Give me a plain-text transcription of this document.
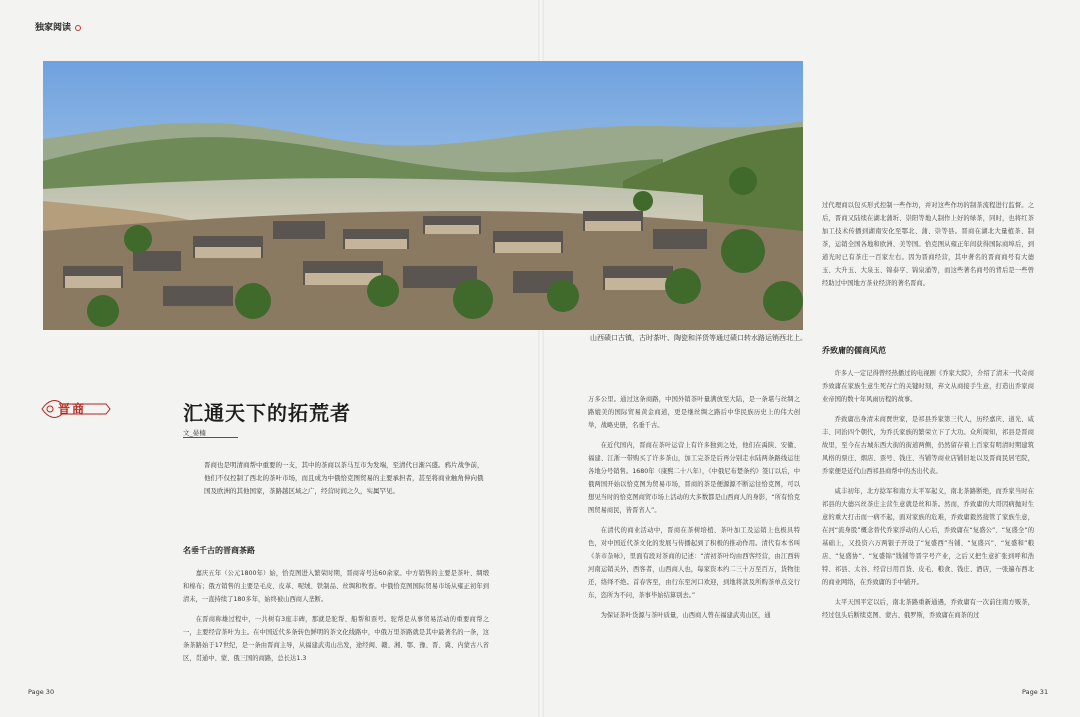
独家阅读
山西碛口古镇，古时茶叶、陶瓷和洋货等通过碛口转水路运销西北上。
晋商	汇通天下的拓荒者
文_晏楠
晋商也是明清商帮中重要的一支，其中的茶商以茶马互市为发端，至清代日渐兴盛。鸦片战争前，他们不仅控制了西北的茶叶市场，而且成为中俄恰克图贸易的主要承担者，甚至将商业触角伸向俄国及欧洲的其他国家，茶路越区域之广，经营时间之久，实属罕见。
名垂千古的晋商茶路

嘉庆五年（公元1800年）始，恰克图进入繁荣时期，晋商寄号达60余家。中方销售的主要是茶叶、绸缎和棉布；俄方销售的主要是毛皮、皮革、呢绒、铁制品、丝绸和牧畜。中俄恰克图国际贸易市场从雍正初年到清末，一直持续了180多年，始终被山西商人垄断。

在晋商称雄过程中，一共树有3座丰碑，那就是驼帮、船帮和票号。驼帮是从事贸易活动的重要商帮之一，主要经营茶叶为主。在中国近代多条转色鲜明的茶文化线路中，中俄万里茶路就是其中最著名的一条，这条茶路始于17世纪，是一条由晋商主导，从福建武夷山出发，途经闽、赣、湘、鄂、豫、晋、冀、内蒙古八省区，贯通中、蒙、俄三国的商路，总长达1.3

万多公里。通过这条商路，中国外销茶叶量满放至大陆，是一条堪与丝绸之路媲美的国际贸易黄金商道，更是继丝绸之路后中华民族历史上的伟大创举，战略史册，名垂千古。

在近代国内，晋商在茶叶运营上有许多独到之处，他们在禹陕、安徽、福建、江浙一带购买了许多茶山，加工完茶是后再分别走水陆两条路线运往各地分号销售。1680年（康熙二十八年），《中俄尼布楚条约》签订以后，中俄两国开始以恰克图为贸易市场，晋商的茶是便源源不断运往恰克图，可以想见当时的恰克图商贸市场上活动的大多数都是山西商人的身影，“所有恰克图贸易商民，皆晋省人”。

在清代的商业活动中，晋商在茶树培植、茶叶加工及运销上也极具特色，对中国近代茶文化的发展与传播起到了积极的推动作用。清代有本书叫《茶市杂咏》，里面有段对茶商的记述：“清初茶叶均由西客经营，由江西转河南运销关外，西客者，山西商人也，每家资本约二三十万至百万，货物往还，络绎不绝。首春客至，由行东至河口欢迎，到地将款及所购茶单点交行东，恣所为不问，茶事毕始结算别去。”

为保证茶叶货源与茶叶质量，山西商人曾在福建武夷山区，通

过代理商以包买形式控制一些作坊，并对这些作坊的制茶流程进行监督。之后，晋商又陆续在湖北蒲圻、崇阳等地人制作上好的绿茶，同时，也将红茶加工技术传播到湖南安化至鄂北、蒲、崇等县。晋商在湖北大量植茶、制茶，运销全国各地和欧洲、美等国。恰克图从雍正年间获得国际商埠后，到道光时已有茶庄一百家左右。因为晋商经营，其中著名的晋商商号有大德玉、大升玉、大泉玉、锦泰亨、锦泉涌等，而这些著名商号的背后是一些曾经助过中国地方茶业经济的著名晋商。

乔致庸的儒商风范

许多人一定记得曾经热播过的电视剧《乔家大院》，介绍了清末一代奇商乔致庸在家族生意生死存亡的关键时刻，弃文从商接手生意，打造出乔家商业帝国的数十年风雨历程的故事。

乔致庸出身清末商贾世家，是祁县乔家第三代人，历经嘉庆、道光、咸丰、同治四个朝代，为乔氏家族的繁荣立下了大功。众所周知，祁县是晋商故里，至今在古城东西大街的街道两侧，仍然留存着上百家有明清时期建筑风格的票庄、烟店、票号、钱庄、当铺等商业店铺旧址以及晋商民居宅院，乔家便是近代山西祁县商帮中的杰出代表。

咸丰初年，北方捻军和南方太平军起义，南北茶路断绝，而乔家当时在祁县的大德兴丝茶庄主营生意就是丝和茶。然而，乔致庸的大哥因病抛对生意的重大打击而一病不起，面对家族的危难，乔致庸毅然接管了家族生意，在河“流身股”概念替代乔家浮动的人心后，乔致庸在“复盛公”、“复盛全”的基础上，又投资六万两银子开设了“复盛西”当铺、“复盛兴”、“复盛和”粮店、“复盛协”、“复盛锦”钱铺等晋字号产业，之后又把生意扩张到呼和浩特、祁县、太谷、经营日用百货、皮毛、粮食、钱庄、酒店，一张遍布西北的商业网络，在乔致庸的手中铺开。

太平天国平定以后，南北茶路重新通遇，乔致庸有一次前往南方贩茶，经过包头后断续克图、蒙古、俄罗斯，乔致庸在商茶的过

Page 30	Page 31
